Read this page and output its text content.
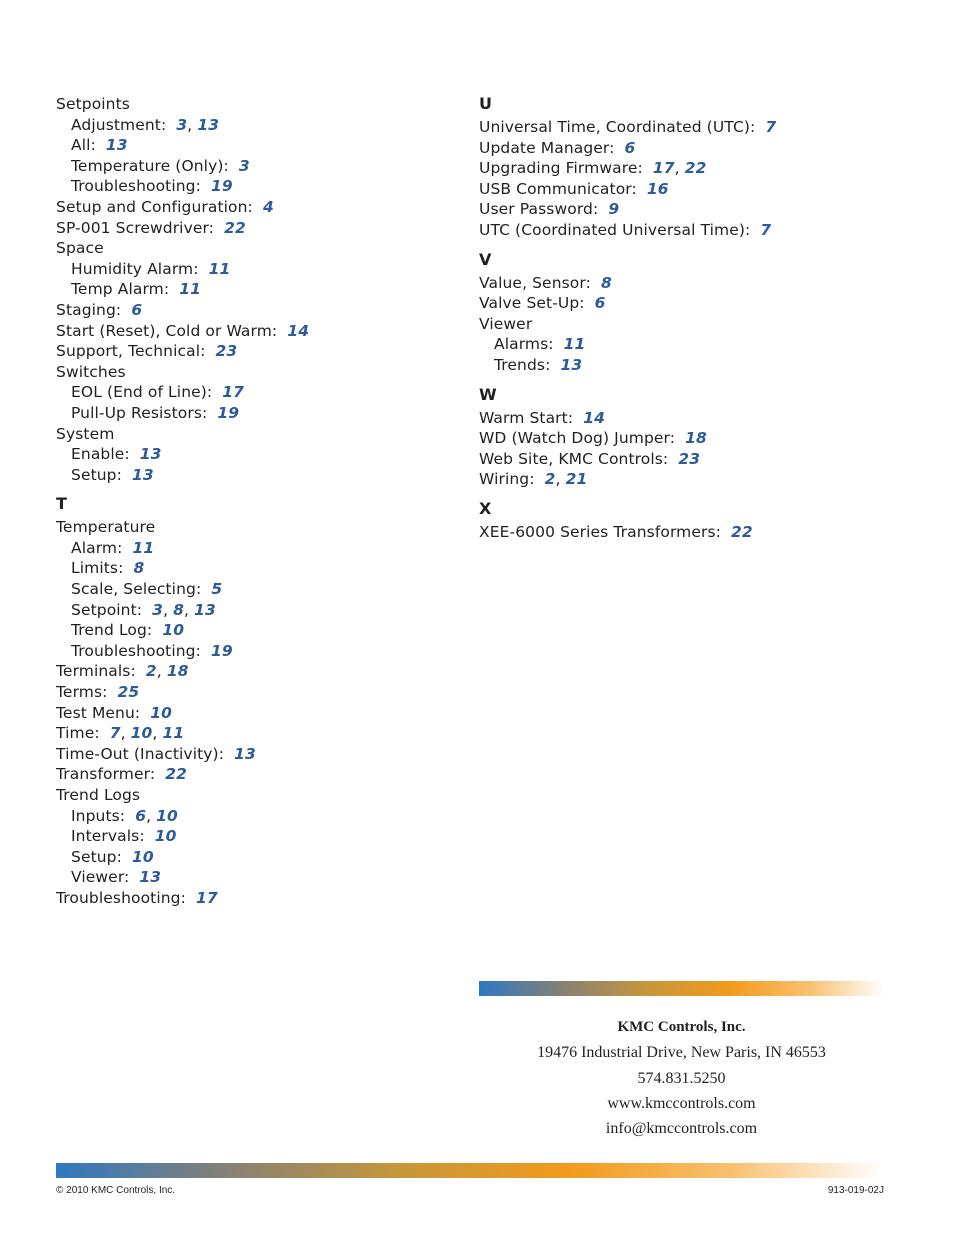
Setpoints
Adjustment: 3, 13
All: 13
Temperature (Only): 3
Troubleshooting: 19
Setup and Configuration: 4
SP-001 Screwdriver: 22
Space
Humidity Alarm: 11
Temp Alarm: 11
Staging: 6
Start (Reset), Cold or Warm: 14
Support, Technical: 23
Switches
EOL (End of Line): 17
Pull-Up Resistors: 19
System
Enable: 13
Setup: 13
T
Temperature
Alarm: 11
Limits: 8
Scale, Selecting: 5
Setpoint: 3, 8, 13
Trend Log: 10
Troubleshooting: 19
Terminals: 2, 18
Terms: 25
Test Menu: 10
Time: 7, 10, 11
Time-Out (Inactivity): 13
Transformer: 22
Trend Logs
Inputs: 6, 10
Intervals: 10
Setup: 10
Viewer: 13
Troubleshooting: 17
U
Universal Time, Coordinated (UTC): 7
Update Manager: 6
Upgrading Firmware: 17, 22
USB Communicator: 16
User Password: 9
UTC (Coordinated Universal Time): 7
V
Value, Sensor: 8
Valve Set-Up: 6
Viewer
Alarms: 11
Trends: 13
W
Warm Start: 14
WD (Watch Dog) Jumper: 18
Web Site, KMC Controls: 23
Wiring: 2, 21
X
XEE-6000 Series Transformers: 22
KMC Controls, Inc.
19476 Industrial Drive, New Paris, IN 46553
574.831.5250
www.kmccontrols.com
info@kmccontrols.com
© 2010 KMC Controls, Inc.	913-019-02J
